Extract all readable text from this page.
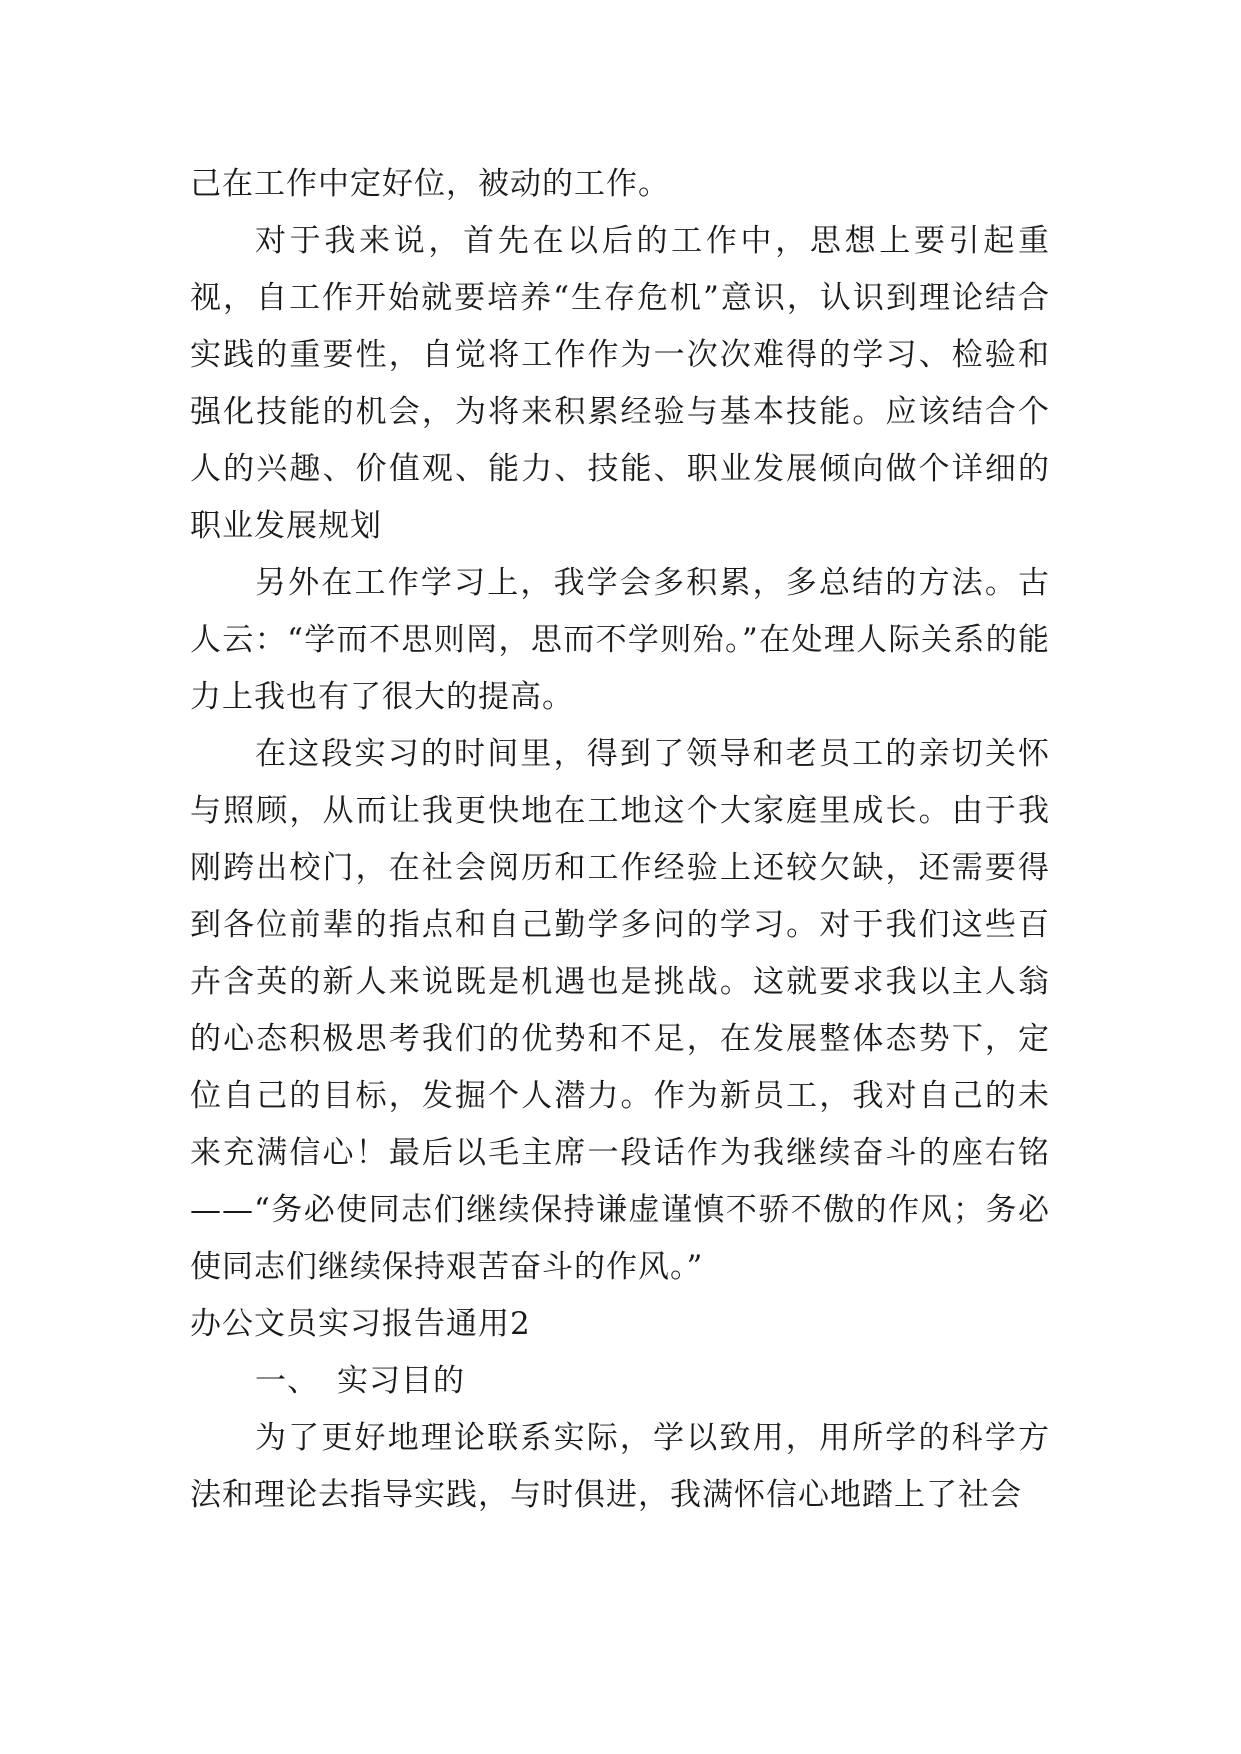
己在工作中定好位，被动的工作。

对于我来说，首先在以后的工作中，思想上要引起重视，自工作开始就要培养“生存危机”意识，认识到理论结合实践的重要性，自觉将工作作为一次次难得的学习、检验和强化技能的机会，为将来积累经验与基本技能。应该结合个人的兴趣、价值观、能力、技能、职业发展倾向做个详细的职业发展规划

另外在工作学习上，我学会多积累，多总结的方法。古人云：“学而不思则罔，思而不学则殆。”在处理人际关系的能力上我也有了很大的提高。

在这段实习的时间里，得到了领导和老员工的亲切关怀与照顾，从而让我更快地在工地这个大家庭里成长。由于我刚跨出校门，在社会阅历和工作经验上还较欠缺，还需要得到各位前辈的指点和自己勤学多问的学习。对于我们这些百卉含英的新人来说既是机遇也是挑战。这就要求我以主人翁的心态积极思考我们的优势和不足，在发展整体态势下，定位自己的目标，发掘个人潜力。作为新员工，我对自己的未来充满信心！最后以毛主席一段话作为我继续奋斗的座右铭——“务必使同志们继续保持谦虚谨慎不骄不傲的作风；务必使同志们继续保持艰苦奋斗的作风。”

办公文员实习报告通用2

一、 实习目的

为了更好地理论联系实际，学以致用，用所学的科学方法和理论去指导实践，与时俱进，我满怀信心地踏上了社会
